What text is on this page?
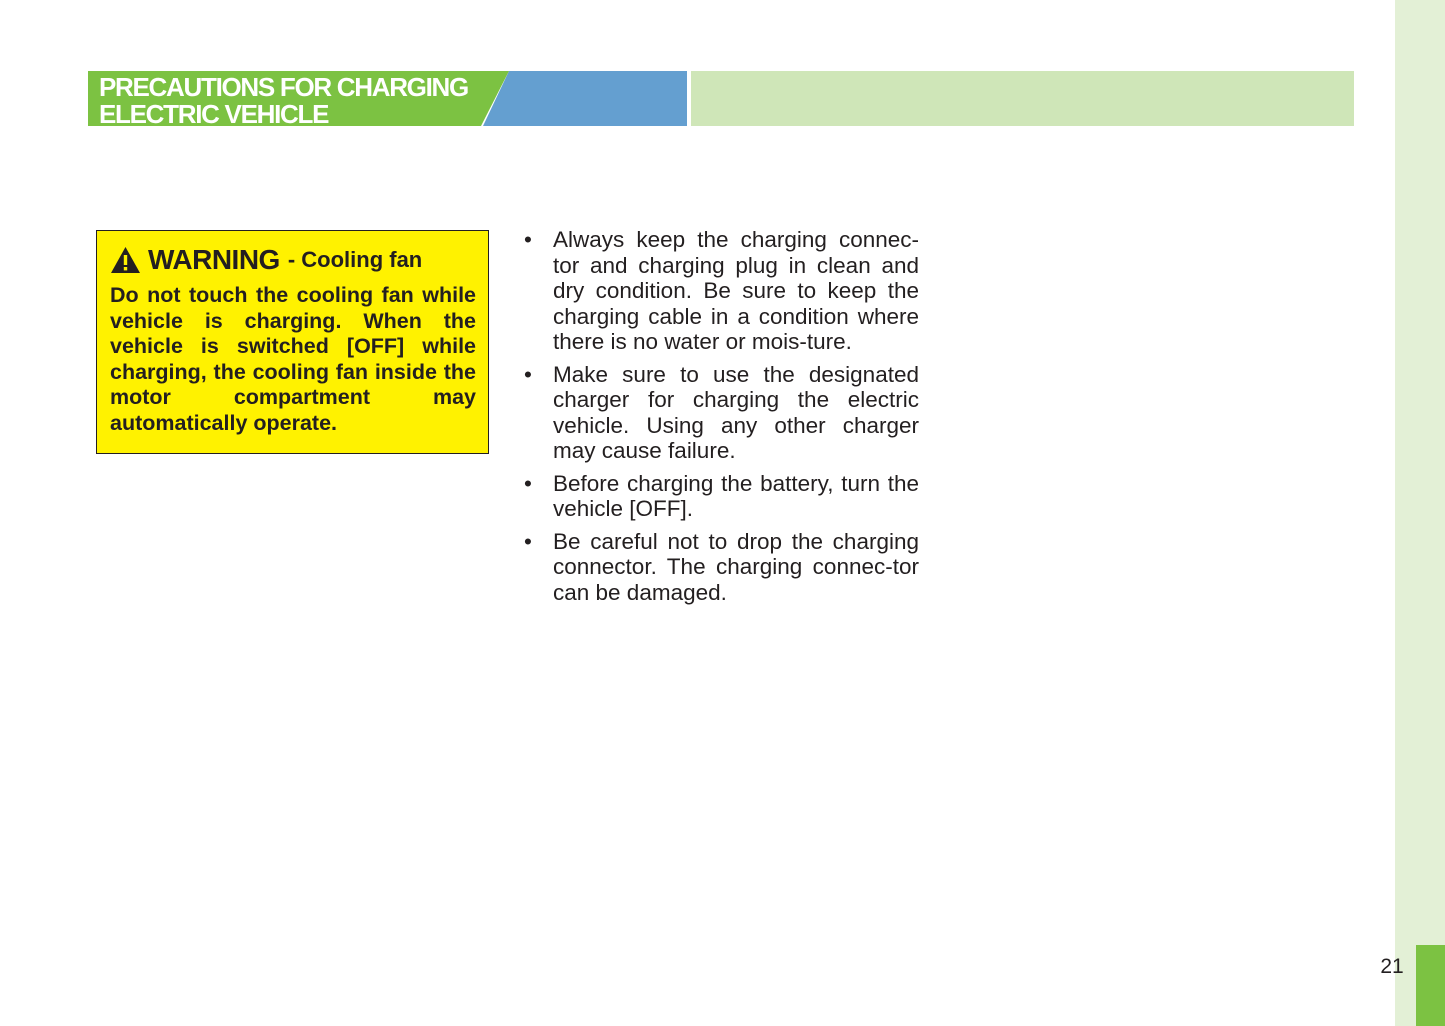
21
PRECAUTIONS FOR CHARGING
ELECTRIC VEHICLE
WARNING - Cooling fan

Do not touch the cooling fan while vehicle is charging. When the vehicle is switched [OFF] while charging, the cooling fan inside the motor compartment may automatically operate.

• Always keep the charging connec-tor and charging plug in clean and dry condition. Be sure to keep the charging cable in a condition where there is no water or mois-ture.
• Make sure to use the designated charger for charging the electric vehicle. Using any other charger may cause failure.
• Before charging the battery, turn the vehicle [OFF].
• Be careful not to drop the charging connector. The charging connec-tor can be damaged.
